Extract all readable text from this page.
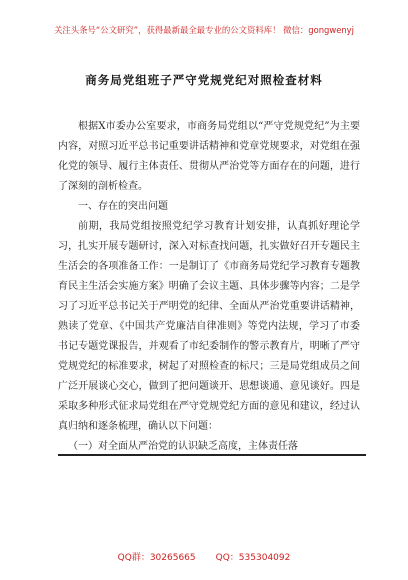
关注头条号“公文研究”，获得最新最全最专业的公文资料库！ 微信：gongwenyj
商务局党组班子严守党规党纪对照检查材料

根据X市委办公室要求，市商务局党组以“严守党规党纪”为主要内容，对照习近平总书记重要讲话精神和党章党规要求，对党组在强化党的领导、履行主体责任、贯彻从严治党等方面存在的问题，进行了深刻的剖析检查。

一、存在的突出问题

前期，我局党组按照党纪学习教育计划安排，认真抓好理论学习，扎实开展专题研讨，深入对标查找问题，扎实做好召开专题民主生活会的各项准备工作：一是制订了《市商务局党纪学习教育专题教育民主生活会实施方案》明确了会议主题、具体步骤等内容；二是学习了习近平总书记关于严明党的纪律、全面从严治党重要讲话精神，熟读了党章、《中国共产党廉洁自律准则》等党内法规，学习了市委书记专题党课报告，并观看了市纪委制作的警示教育片，明晰了严守党规党纪的标准要求，树起了对照检查的标尺；三是局党组成员之间广泛开展谈心交心，做到了把问题谈开、思想谈通、意见谈好。四是采取多种形式征求局党组在严守党规党纪方面的意见和建议，经过认真归纳和逐条梳理，确认以下问题：

（一）对全面从严治党的认识缺乏高度，主体责任落

QQ群：30265665 QQ：535304092
